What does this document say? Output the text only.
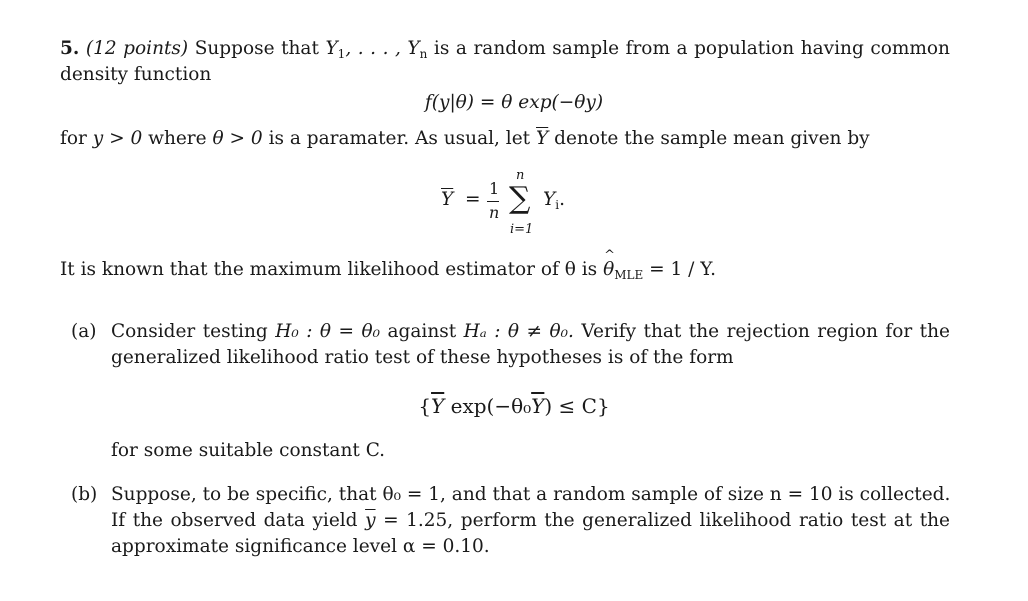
5. (12 points) Suppose that $Y_1$, . . . , $Y_n$ is a random sample from a population having common
density function
f(y|θ) = θ exp(−θy)
for y > 0 where θ > 0 is a paramater. As usual, let $\overline{Y}$ denote the sample mean given by
$\overline{Y}$ =
1
n
n
∑
i=1
$Y_i$.
It is known that the maximum likelihood estimator of θ is ^ $\theta_{MLE} = 1 / Y$.
(a) Consider testing H₀ : θ = θ₀ against Hₐ : θ ≠ θ₀. Verify that the rejection region for the
generalized likelihood ratio test of these hypotheses is of the form
{$\overline{Y}$ $\exp(-\theta_0\overline{Y}) \le C$}
for some suitable constant C.
(b) Suppose, to be specific, that θ₀ = 1, and that a random sample of size n = 10 is collected.
If the observed data yield $\overline{y} = 1.25$, perform the generalized likelihood ratio test at the
approximate significance level α = 0.10.
